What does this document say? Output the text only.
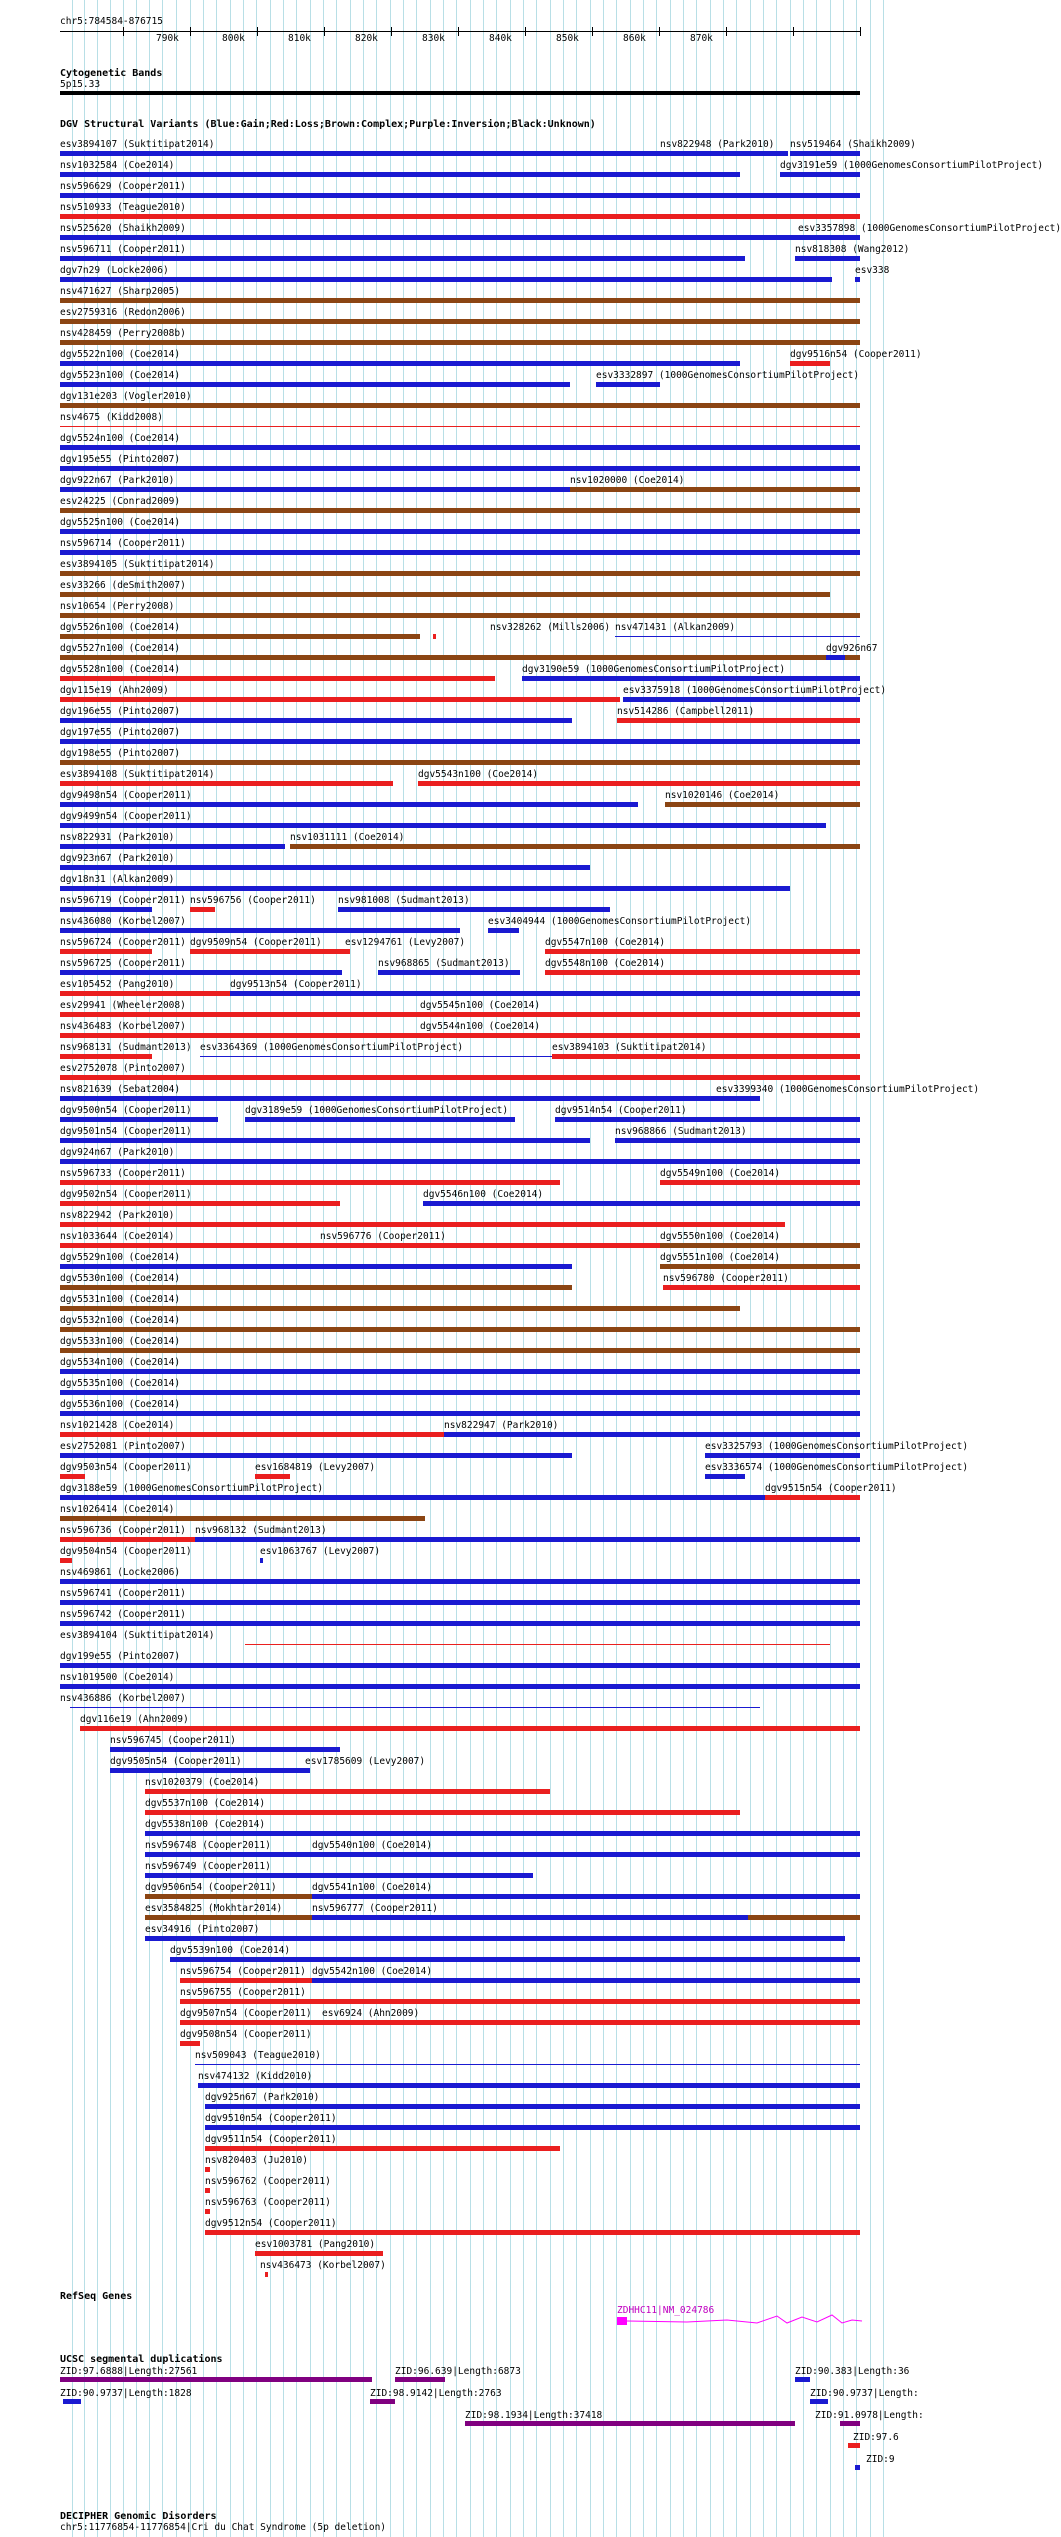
chr5:784584-876715
790k	800k	810k	820k	830k	840k	850k	860k	870k
Cytogenetic Bands
5p15.33
DGV Structural Variants (Blue:Gain;Red:Loss;Brown:Complex;Purple:Inversion;Black:Unknown)
esv3894107 (Suktitipat2014)	nsv822948 (Park2010) nsv519464 (Shaikh2009)
nsv1032584 (Coe2014)	dgv3191e59 (1000GenomesConsortiumPilotProject)
nsv596629 (Cooper2011)
nsv510933 (Teague2010)
nsv525620 (Shaikh2009)	esv3357898 (1000GenomesConsortiumPilotProject)
nsv596711 (Cooper2011)	nsv818308 (Wang2012)
dgv7n29 (Locke2006)	esv338
nsv471627 (Sharp2005)
esv2759316 (Redon2006)
nsv428459 (Perry2008b)
dgv5522n100 (Coe2014)	dgv9516n54 (Cooper2011)
dgv5523n100 (Coe2014)	esv3332897 (1000GenomesConsortiumPilotProject)
dgv131e203 (Vogler2010)
nsv4675 (Kidd2008)
dgv5524n100 (Coe2014)
dgv195e55 (Pinto2007)
dgv922n67 (Park2010)	nsv1020000 (Coe2014)
esv24225 (Conrad2009)
dgv5525n100 (Coe2014)
nsv596714 (Cooper2011)
esv3894105 (Suktitipat2014)
esv33266 (deSmith2007)
nsv10654 (Perry2008)
dgv5526n100 (Coe2014)	nsv328262 (Mills2006) nsv471431 (Alkan2009)
dgv5527n100 (Coe2014)	dgv926n67
dgv5528n100 (Coe2014)	dgv3190e59 (1000GenomesConsortiumPilotProject)
dgv115e19 (Ahn2009)	esv3375918 (1000GenomesConsortiumPilotProject)
dgv196e55 (Pinto2007)	nsv514286 (Campbell2011)
dgv197e55 (Pinto2007)
dgv198e55 (Pinto2007)
esv3894108 (Suktitipat2014)	dgv5543n100 (Coe2014)
dgv9498n54 (Cooper2011)	nsv1020146 (Coe2014)
dgv9499n54 (Cooper2011)
nsv822931 (Park2010)	nsv1031111 (Coe2014)
dgv923n67 (Park2010)
dgv18n31 (Alkan2009)
nsv596719 (Cooper2011) nsv596756 (Cooper2011) nsv981008 (Sudmant2013)
nsv436080 (Korbel2007)	esv3404944 (1000GenomesConsortiumPilotProject)
nsv596724 (Cooper2011) dgv9509n54 (Cooper2011) esv1294761 (Levy2007)	dgv5547n100 (Coe2014)
nsv596725 (Cooper2011)	nsv968865 (Sudmant2013)	dgv5548n100 (Coe2014)
esv105452 (Pang2010)	dgv9513n54 (Cooper2011)
esv29941 (Wheeler2008)	dgv5545n100 (Coe2014)
nsv436483 (Korbel2007)	dgv5544n100 (Coe2014)
nsv968131 (Sudmant2013) esv3364369 (1000GenomesConsortiumPilotProject)	esv3894103 (Suktitipat2014)
esv2752078 (Pinto2007)
nsv821639 (Sebat2004)	esv3399340 (1000GenomesConsortiumPilotProject)
dgv9500n54 (Cooper2011)	dgv3189e59 (1000GenomesConsortiumPilotProject)	dgv9514n54 (Cooper2011)
dgv9501n54 (Cooper2011)	nsv968866 (Sudmant2013)
dgv924n67 (Park2010)
nsv596733 (Cooper2011)	dgv5549n100 (Coe2014)
dgv9502n54 (Cooper2011)	dgv5546n100 (Coe2014)
nsv822942 (Park2010)
nsv1033644 (Coe2014)	nsv596776 (Cooper2011)	dgv5550n100 (Coe2014)
dgv5529n100 (Coe2014)	dgv5551n100 (Coe2014)
dgv5530n100 (Coe2014)	nsv596780 (Cooper2011)
dgv5531n100 (Coe2014)
dgv5532n100 (Coe2014)
dgv5533n100 (Coe2014)
dgv5534n100 (Coe2014)
dgv5535n100 (Coe2014)
dgv5536n100 (Coe2014)
nsv1021428 (Coe2014)	nsv822947 (Park2010)
esv2752081 (Pinto2007)	esv3325793 (1000GenomesConsortiumPilotProject)
dgv9503n54 (Cooper2011)	esv1684819 (Levy2007)	esv3336574 (1000GenomesConsortiumPilotProject)
dgv3188e59 (1000GenomesConsortiumPilotProject)	dgv9515n54 (Cooper2011)
nsv1026414 (Coe2014)
nsv596736 (Cooper2011) nsv968132 (Sudmant2013)
dgv9504n54 (Cooper2011)	esv1063767 (Levy2007)
nsv469861 (Locke2006)
nsv596741 (Cooper2011)
nsv596742 (Cooper2011)
esv3894104 (Suktitipat2014)
dgv199e55 (Pinto2007)
nsv1019500 (Coe2014)
nsv436886 (Korbel2007)
dgv116e19 (Ahn2009)
nsv596745 (Cooper2011)
dgv9505n54 (Cooper2011)	esv1785609 (Levy2007)
nsv1020379 (Coe2014)
dgv5537n100 (Coe2014)
dgv5538n100 (Coe2014)
nsv596748 (Cooper2011)	dgv5540n100 (Coe2014)
nsv596749 (Cooper2011)
dgv9506n54 (Cooper2011)	dgv5541n100 (Coe2014)
esv3584825 (Mokhtar2014)	nsv596777 (Cooper2011)
esv34916 (Pinto2007)
dgv5539n100 (Coe2014)
nsv596754 (Cooper2011) dgv5542n100 (Coe2014)
nsv596755 (Cooper2011)
dgv9507n54 (Cooper2011) esv6924 (Ahn2009)
dgv9508n54 (Cooper2011)
nsv509043 (Teague2010)
nsv474132 (Kidd2010)
dgv925n67 (Park2010)
dgv9510n54 (Cooper2011)
dgv9511n54 (Cooper2011)
nsv820403 (Ju2010)
nsv596762 (Cooper2011)
nsv596763 (Cooper2011)
dgv9512n54 (Cooper2011)
esv1003781 (Pang2010)
nsv436473 (Korbel2007)
RefSeq Genes
ZDHHC11|NM_024786
UCSC segmental duplications
ZID:97.6888|Length:27561	ZID:96.639|Length:6873	ZID:90.383|Length:36
ZID:90.9737|Length:1828	ZID:98.9142|Length:2763	ZID:90.9737|Length:
ZID:98.1934|Length:37418	ZID:91.0978|Length:
ZID:97.6
ZID:9
DECIPHER Genomic Disorders
chr5:11776854-11776854|Cri du Chat Syndrome (5p deletion)
